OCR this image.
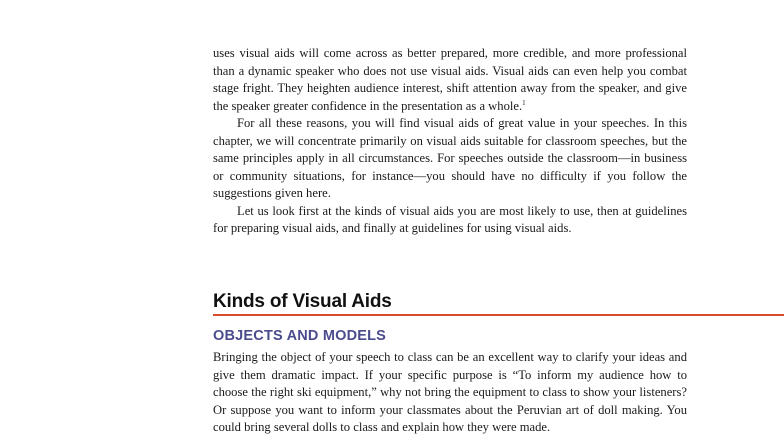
uses visual aids will come across as better prepared, more credible, and more professional than a dynamic speaker who does not use visual aids. Visual aids can even help you combat stage fright. They heighten audience interest, shift attention away from the speaker, and give the speaker greater confidence in the presentation as a whole.$^1$

For all these reasons, you will find visual aids of great value in your speeches. In this chapter, we will concentrate primarily on visual aids suitable for classroom speeches, but the same principles apply in all circumstances. For speeches outside the classroom—in business or community situations, for instance—you should have no difficulty if you follow the suggestions given here.

Let us look first at the kinds of visual aids you are most likely to use, then at guidelines for preparing visual aids, and finally at guidelines for using visual aids.

Kinds of Visual Aids
OBJECTS AND MODELS

Bringing the object of your speech to class can be an excellent way to clarify your ideas and give them dramatic impact. If your specific purpose is “To inform my audience how to choose the right ski equipment,” why not bring the equipment to class to show your listeners? Or suppose you want to inform your classmates about the Peruvian art of doll making. You could bring several dolls to class and explain how they were made.
